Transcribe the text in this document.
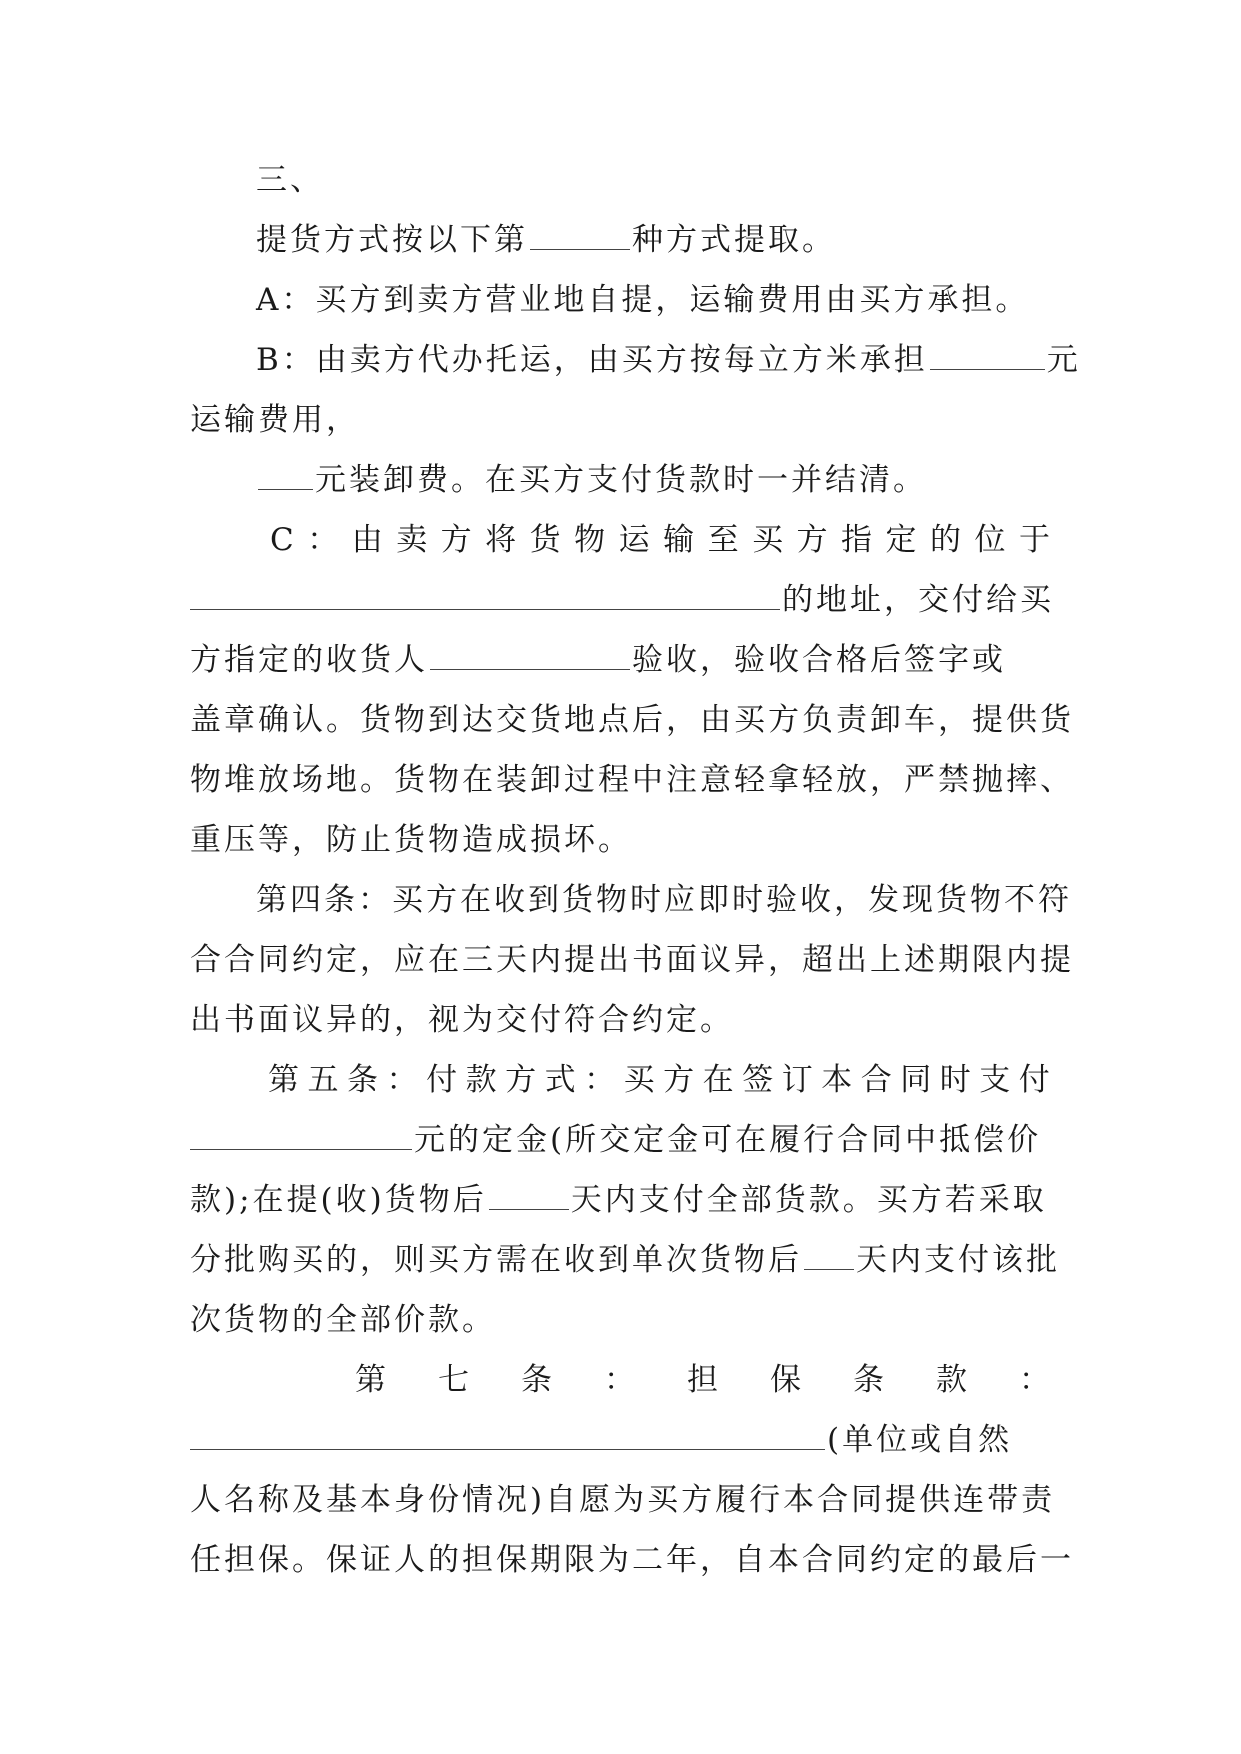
三、
提货方式按以下第	种方式提取。
A：买方到卖方营业地自提，运输费用由买方承担。
B：由卖方代办托运，由买方按每立方米承担	元
运输费用，
元装卸费。在买方支付货款时一并结清。
C ： 由 卖 方 将 货 物 运 输 至 买 方 指 定 的 位 于
的地址，交付给买
方指定的收货人	验收，验收合格后签字或
盖章确认。货物到达交货地点后，由买方负责卸车，提供货
物堆放场地。货物在装卸过程中注意轻拿轻放，严禁抛摔、
重压等，防止货物造成损坏。
第四条：买方在收到货物时应即时验收，发现货物不符
合合同约定，应在三天内提出书面议异，超出上述期限内提
出书面议异的，视为交付符合约定。
第 五 条 ： 付 款 方 式 ： 买 方 在 签 订 本 合 同 时 支 付
元的定金(所交定金可在履行合同中抵偿价
款);在提(收)货物后	天内支付全部货款。买方若采取
分批购买的，则买方需在收到单次货物后 天内支付该批
次货物的全部价款。
第 七 条 ： 担 保 条 款 ：
(单位或自然
人名称及基本身份情况)自愿为买方履行本合同提供连带责
任担保。保证人的担保期限为二年，自本合同约定的最后一
